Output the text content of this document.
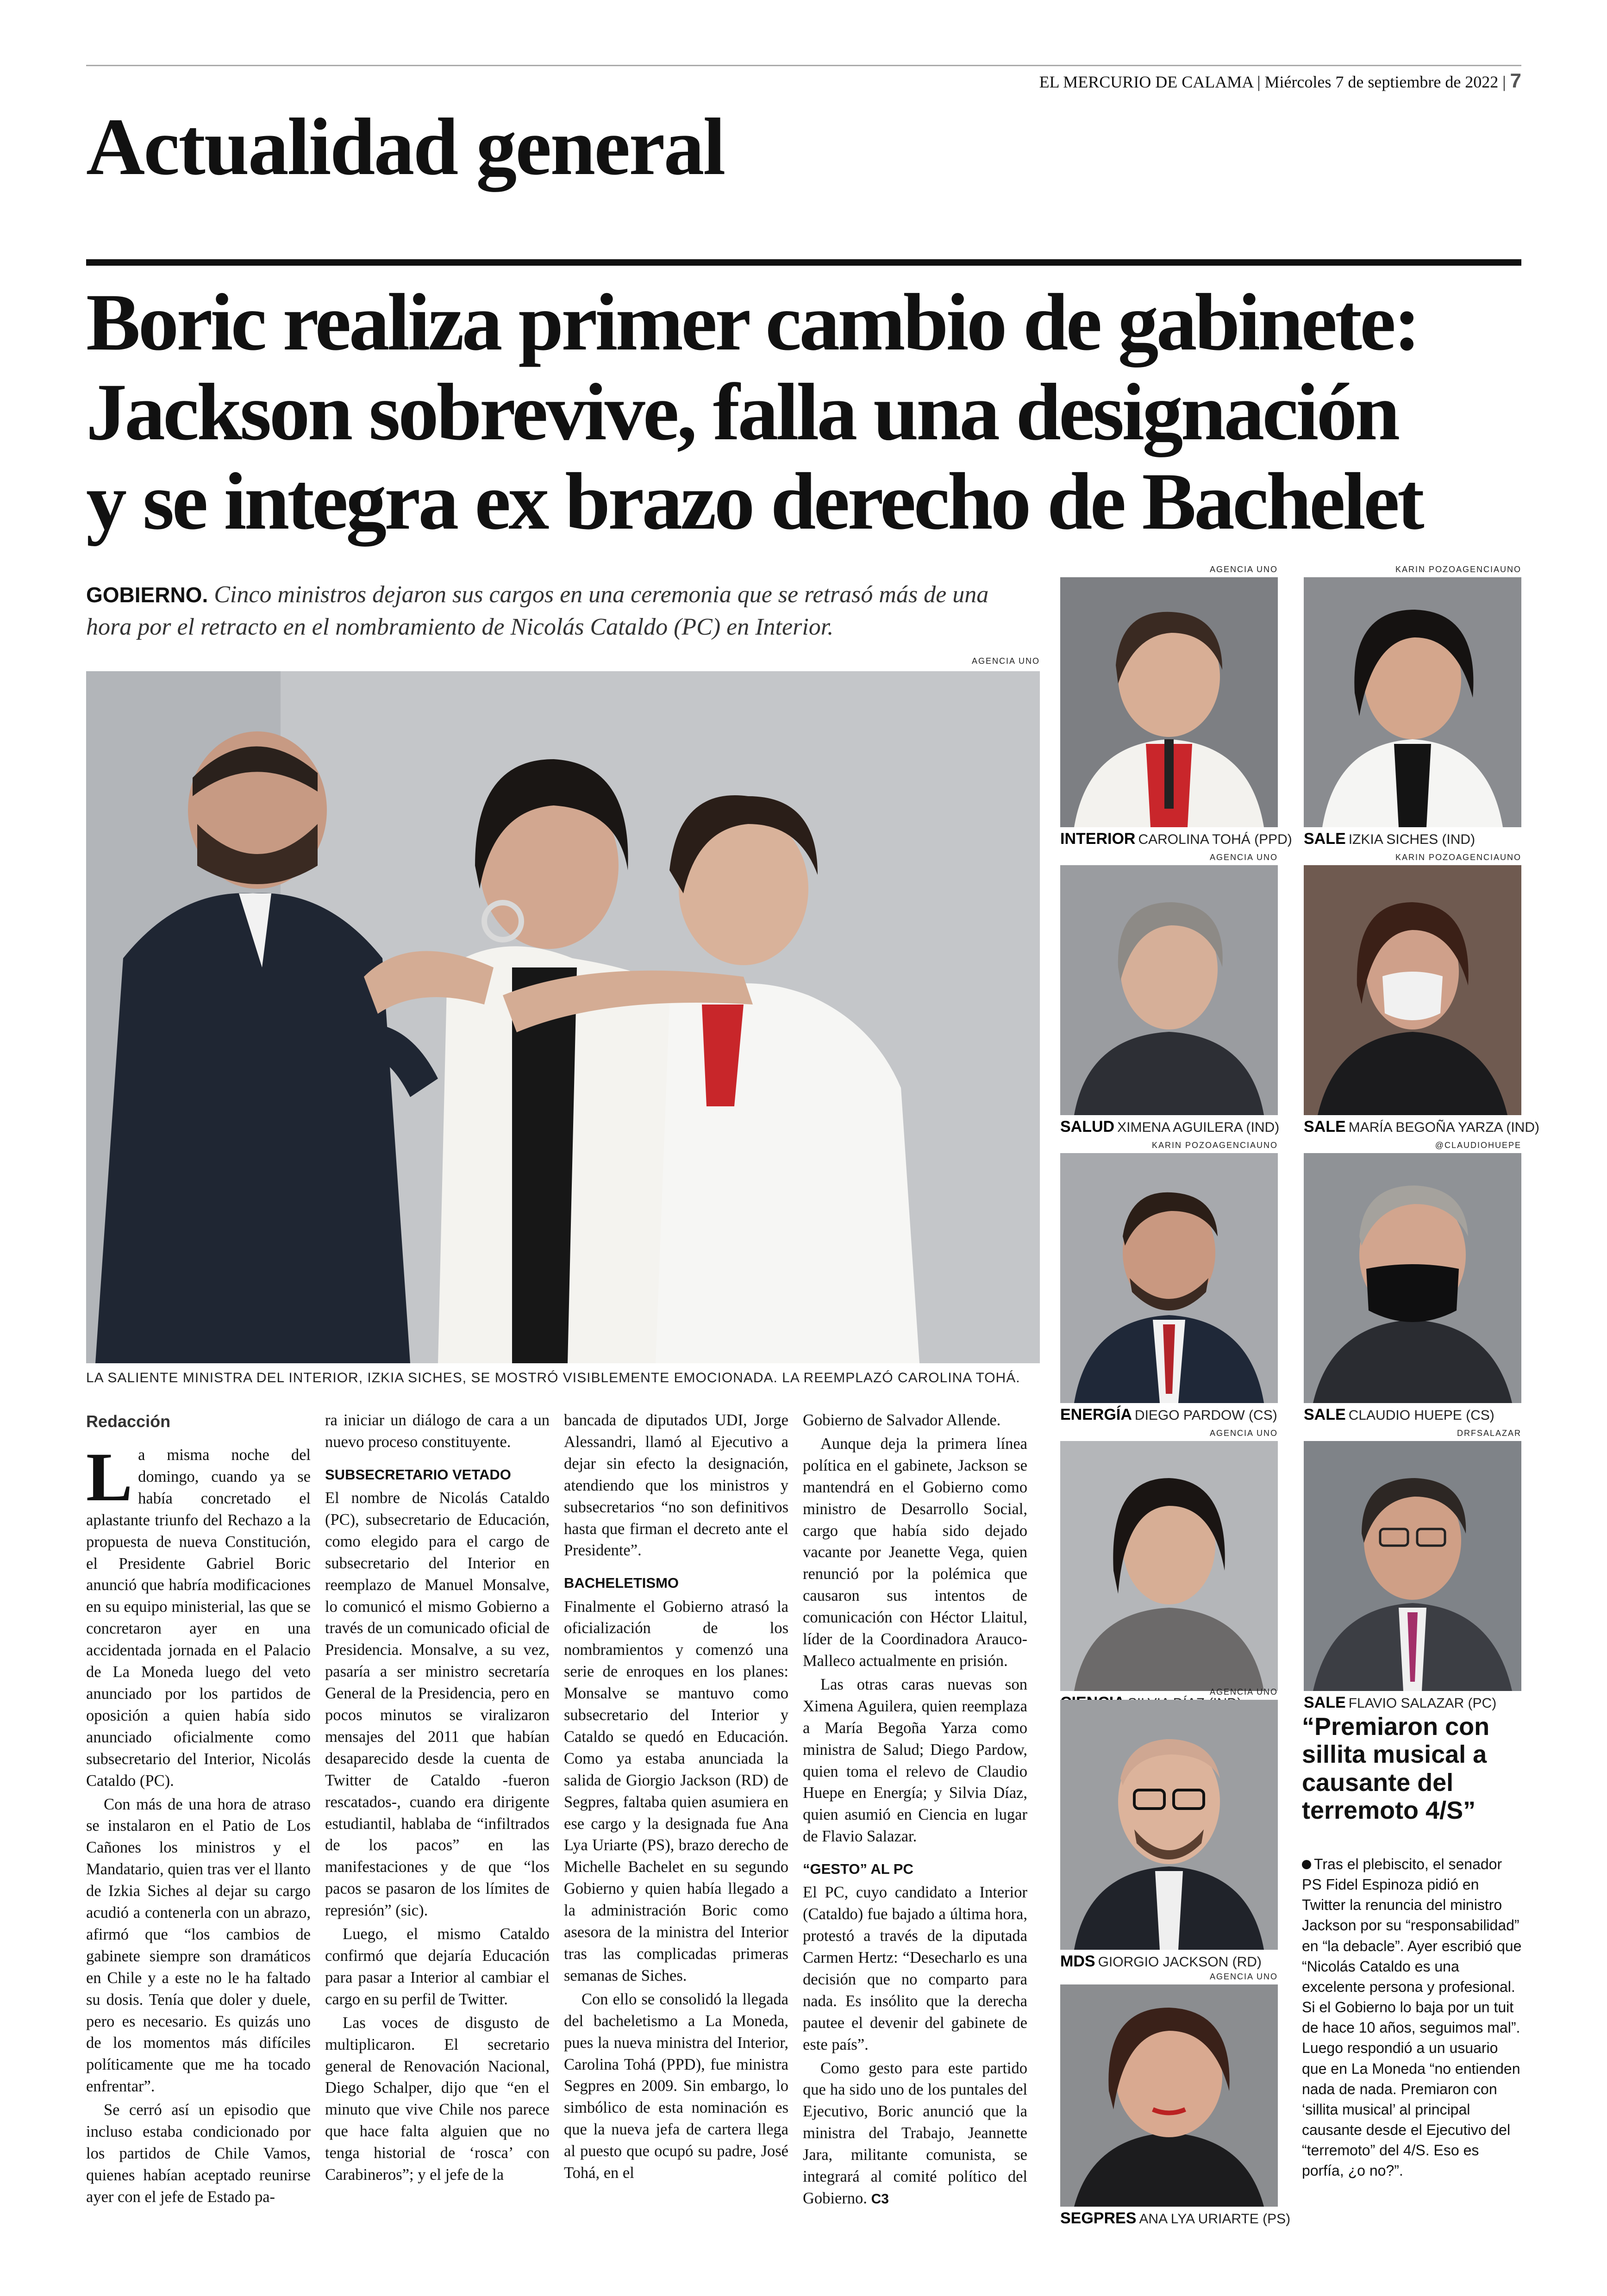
EL MERCURIO DE CALAMA | Miércoles 7 de septiembre de 2022 | 7
Actualidad general
Boric realiza primer cambio de gabinete:
Jackson sobrevive, falla una designación
y se integra ex brazo derecho de Bachelet
GOBIERNO. Cinco ministros dejaron sus cargos en una ceremonia que se retrasó más de una hora por el retracto en el nombramiento de Nicolás Cataldo (PC) en Interior.
AGENCIA UNO
LA SALIENTE MINISTRA DEL INTERIOR, IZKIA SICHES, SE MOSTRÓ VISIBLEMENTE EMOCIONADA. LA REEMPLAZÓ CAROLINA TOHÁ.
Redacción

La misma noche del domingo, cuando ya se había concretado el aplastante triunfo del Rechazo a la propuesta de nueva Constitución, el Presidente Gabriel Boric anunció que habría modificaciones en su equipo ministerial, las que se concretaron ayer en una accidentada jornada en el Palacio de La Moneda luego del veto anunciado por los partidos de oposición a quien había sido anunciado oficialmente como subsecretario del Interior, Nicolás Cataldo (PC).

Con más de una hora de atraso se instalaron en el Patio de Los Cañones los ministros y el Mandatario, quien tras ver el llanto de Izkia Siches al dejar su cargo acudió a contenerla con un abrazo, afirmó que “los cambios de gabinete siempre son dramáticos en Chile y a este no le ha faltado su dosis. Tenía que doler y duele, pero es necesario. Es quizás uno de los momentos más difíciles políticamente que me ha tocado enfrentar”.

Se cerró así un episodio que incluso estaba condicionado por los partidos de Chile Vamos, quienes habían aceptado reunirse ayer con el jefe de Estado pa-

ra iniciar un diálogo de cara a un nuevo proceso constituyente.

SUBSECRETARIO VETADO

El nombre de Nicolás Cataldo (PC), subsecretario de Educación, como elegido para el cargo de subsecretario del Interior en reemplazo de Manuel Monsalve, lo comunicó el mismo Gobierno a través de un comunicado oficial de Presidencia. Monsalve, a su vez, pasaría a ser ministro secretaría General de la Presidencia, pero en pocos minutos se viralizaron mensajes del 2011 que habían desaparecido desde la cuenta de Twitter de Cataldo -fueron rescatados-, cuando era dirigente estudiantil, hablaba de “infiltrados de los pacos” en las manifestaciones y de que “los pacos se pasaron de los límites de represión” (sic).

Luego, el mismo Cataldo confirmó que dejaría Educación para pasar a Interior al cambiar el cargo en su perfil de Twitter.

Las voces de disgusto de multiplicaron. El secretario general de Renovación Nacional, Diego Schalper, dijo que “en el minuto que vive Chile nos parece que hace falta alguien que no tenga historial de ‘rosca’ con Carabineros”; y el jefe de la

bancada de diputados UDI, Jorge Alessandri, llamó al Ejecutivo a dejar sin efecto la designación, atendiendo que los ministros y subsecretarios “no son definitivos hasta que firman el decreto ante el Presidente”.

BACHELETISMO

Finalmente el Gobierno atrasó la oficialización de los nombramientos y comenzó una serie de enroques en los planes: Monsalve se mantuvo como subsecretario del Interior y Cataldo se quedó en Educación. Como ya estaba anunciada la salida de Giorgio Jackson (RD) de Segpres, faltaba quien asumiera en ese cargo y la designada fue Ana Lya Uriarte (PS), brazo derecho de Michelle Bachelet en su segundo Gobierno y quien había llegado a la administración Boric como asesora de la ministra del Interior tras las complicadas primeras semanas de Siches.

Con ello se consolidó la llegada del bacheletismo a La Moneda, pues la nueva ministra del Interior, Carolina Tohá (PPD), fue ministra Segpres en 2009. Sin embargo, lo simbólico de esta nominación es que la nueva jefa de cartera llega al puesto que ocupó su padre, José Tohá, en el

Gobierno de Salvador Allende.

Aunque deja la primera línea política en el gabinete, Jackson se mantendrá en el Gobierno como ministro de Desarrollo Social, cargo que había sido dejado vacante por Jeanette Vega, quien renunció por la polémica que causaron sus intentos de comunicación con Héctor Llaitul, líder de la Coordinadora Arauco-Malleco actualmente en prisión.

Las otras caras nuevas son Ximena Aguilera, quien reemplaza a María Begoña Yarza como ministra de Salud; Diego Pardow, quien toma el relevo de Claudio Huepe en Energía; y Silvia Díaz, quien asumió en Ciencia en lugar de Flavio Salazar.

“GESTO” AL PC

El PC, cuyo candidato a Interior (Cataldo) fue bajado a última hora, protestó a través de la diputada Carmen Hertz: “Desecharlo es una decisión que no comparto para nada. Es insólito que la derecha pautee el devenir del gabinete de este país”.

Como gesto para este partido que ha sido uno de los puntales del Ejecutivo, Boric anunció que la ministra del Trabajo, Jeannette Jara, militante comunista, se integrará al comité político del Gobierno. C3

AGENCIA UNO
INTERIOR CAROLINA TOHÁ (PPD)
KARIN POZOAGENCIAUNO
SALE IZKIA SICHES (IND)
AGENCIA UNO
SALUD XIMENA AGUILERA (IND)
KARIN POZOAGENCIAUNO
SALE MARÍA BEGOÑA YARZA (IND)
KARIN POZOAGENCIAUNO
ENERGÍA DIEGO PARDOW (CS)
@CLAUDIOHUEPE
SALE CLAUDIO HUEPE (CS)
AGENCIA UNO	DRFSALAZAR
SALE FLAVIO SALAZAR (PC)
AGENCIA UNO
MDS GIORGIO JACKSON (RD)
AGENCIA UNO
SEGPRES ANA LYA URIARTE (PS)
“Premiaron con sillita musical a causante del terremoto 4/S”
Tras el plebiscito, el senador PS Fidel Espinoza pidió en Twitter la renuncia del ministro Jackson por su “responsabilidad” en “la debacle”. Ayer escribió que “Nicolás Cataldo es una excelente persona y profesional. Si el Gobierno lo baja por un tuit de hace 10 años, seguimos mal”. Luego respondió a un usuario que en La Moneda “no entienden nada de nada. Premiaron con ‘sillita musical’ al principal causante desde el Ejecutivo del “terremoto” del 4/S. Eso es porfía, ¿o no?”.
